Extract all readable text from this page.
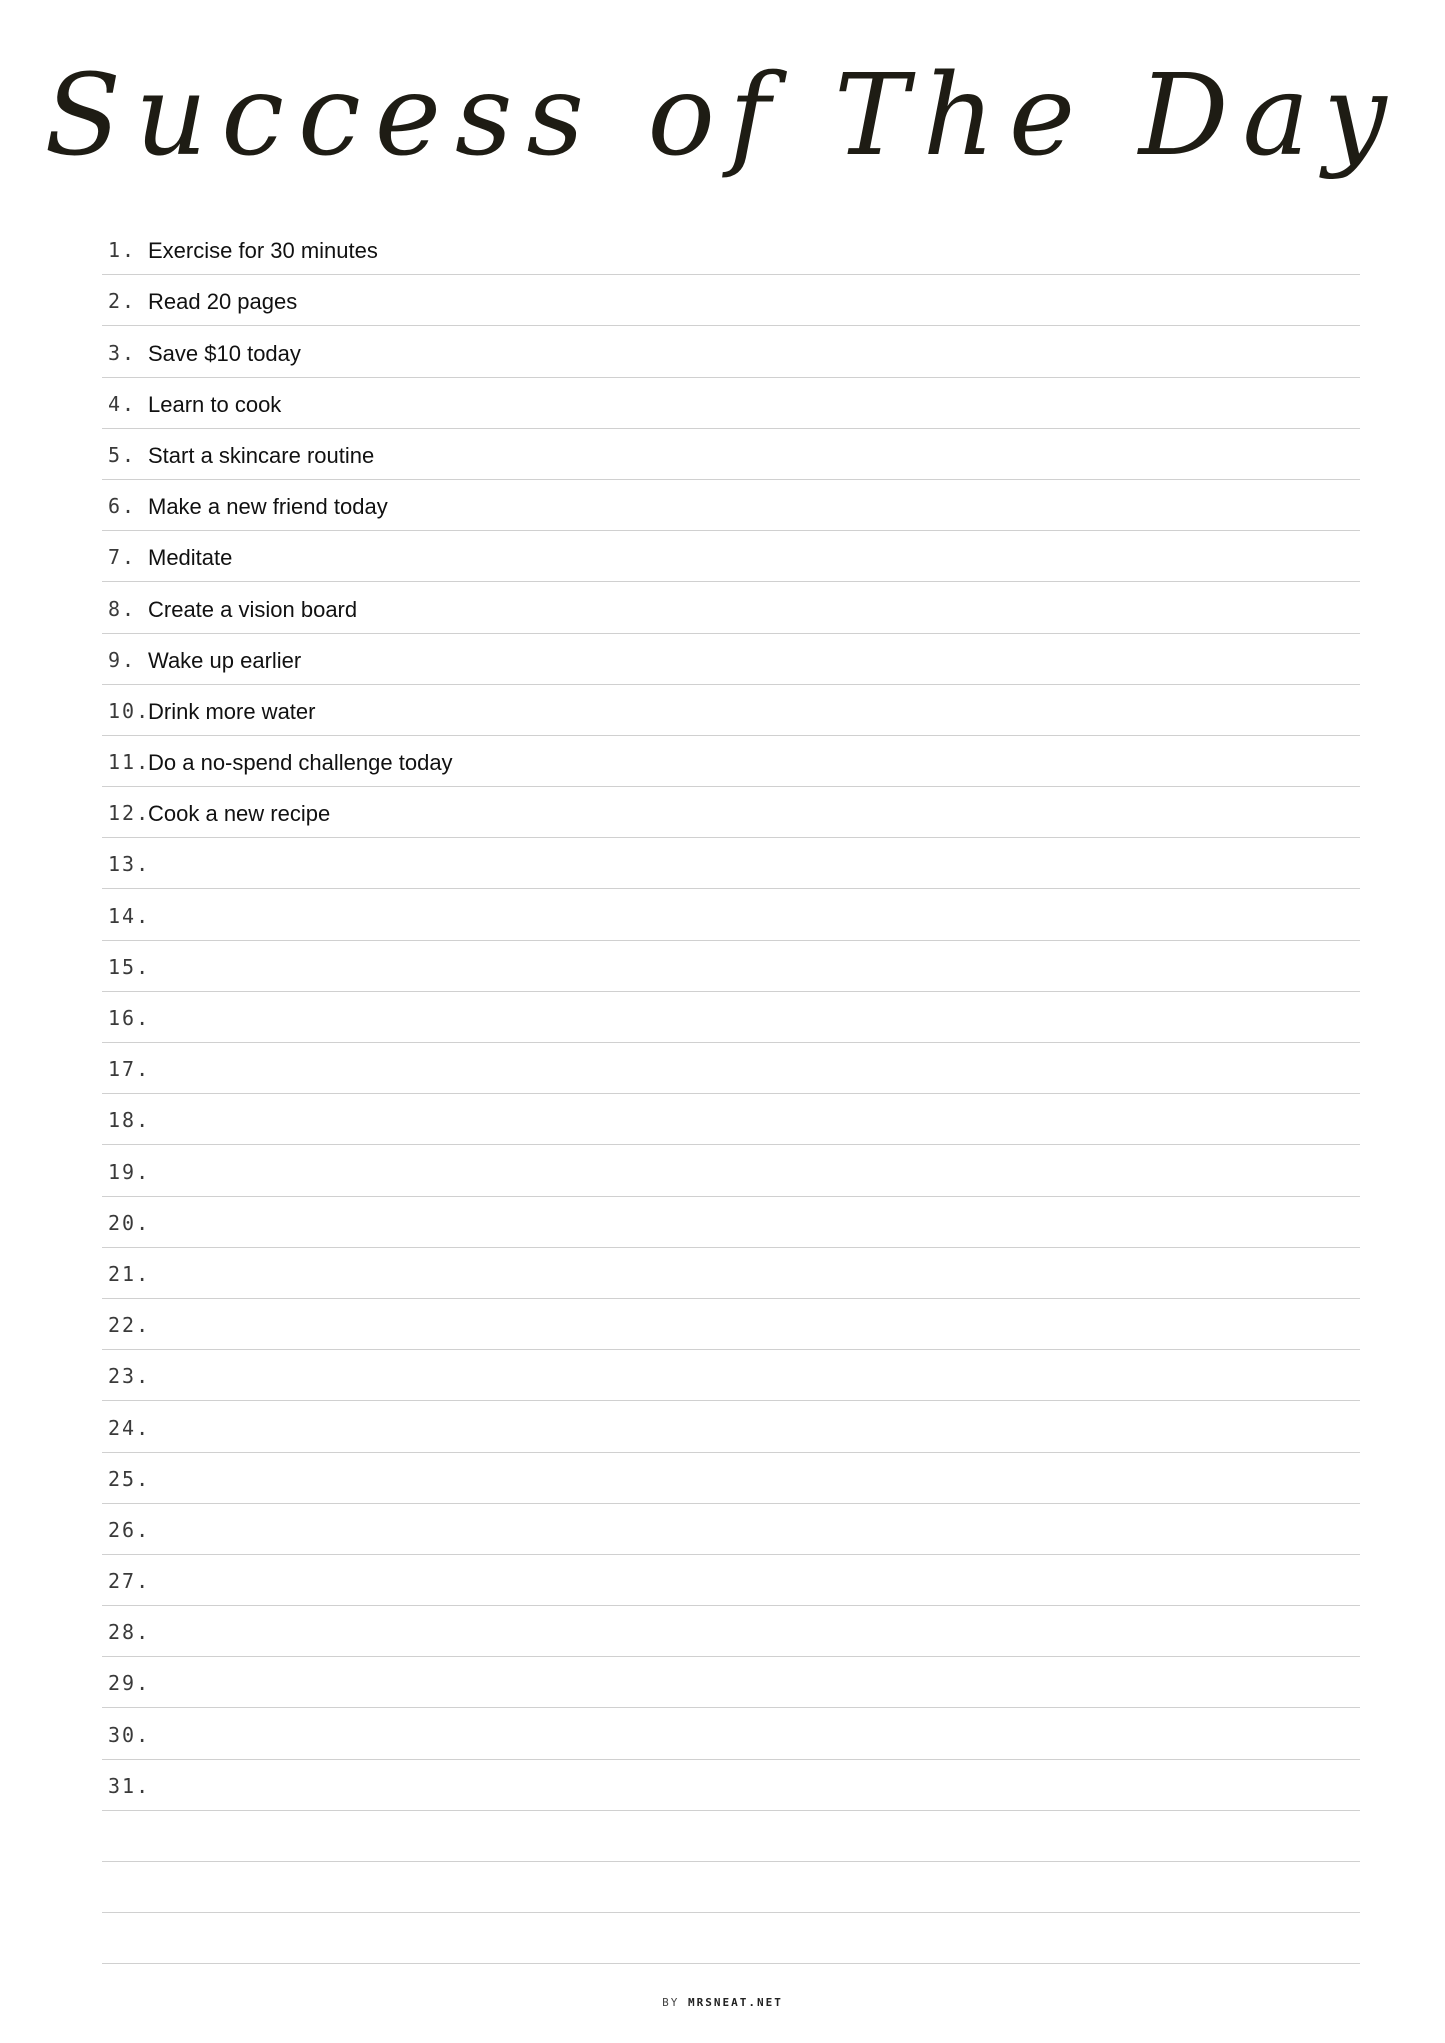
Success of The Day
1. Exercise for 30 minutes
2. Read 20 pages
3. Save $10 today
4. Learn to cook
5. Start a skincare routine
6. Make a new friend today
7. Meditate
8. Create a vision board
9. Wake up earlier
10.
Drink more water
11.
Do a no-spend challenge today
12.
Cook a new recipe
13.
14.
15.
16.
17.
18.
19.
20.
21.
22.
23.
24.
25.
26.
27.
28.
29.
30.
31.
BY MRSNEAT.NET
